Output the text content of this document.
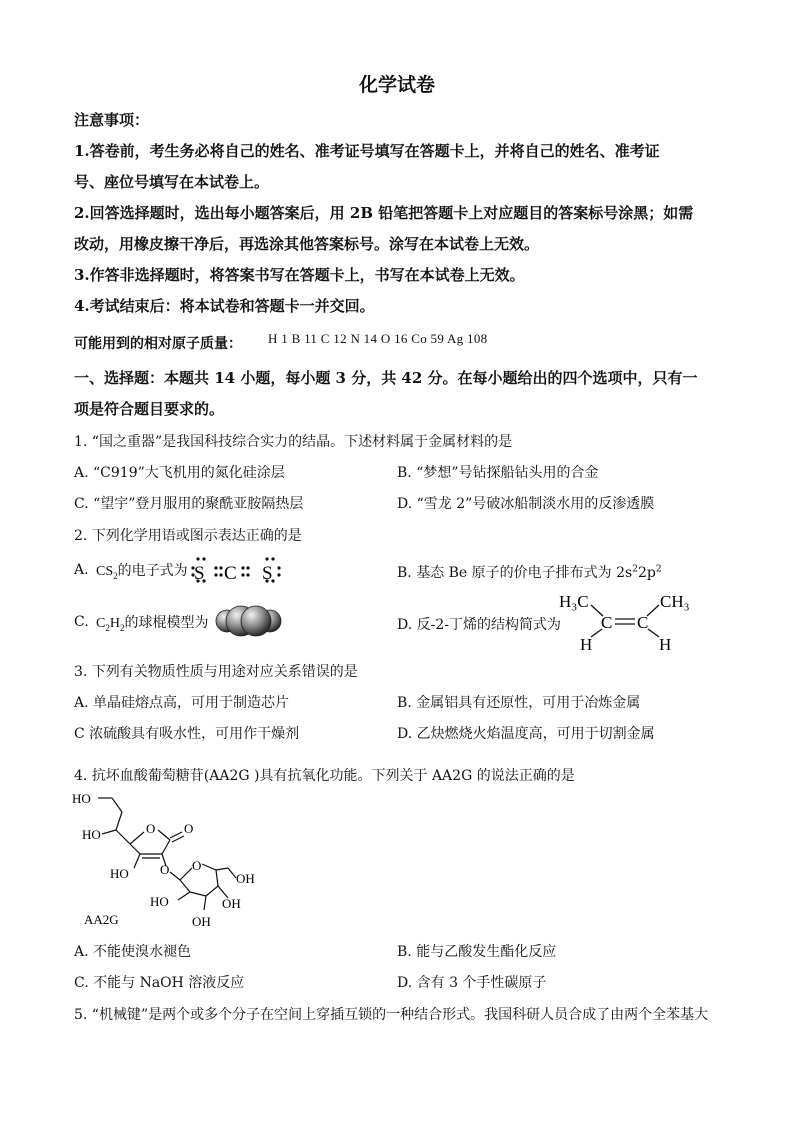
化学试卷
注意事项：
1.答卷前，考生务必将自己的姓名、准考证号填写在答题卡上，并将自己的姓名、准考证
号、座位号填写在本试卷上。
2.回答选择题时，选出每小题答案后，用 2B 铅笔把答题卡上对应题目的答案标号涂黑；如需
改动，用橡皮擦干净后，再选涂其他答案标号。涂写在本试卷上无效。
3.作答非选择题时，将答案书写在答题卡上，书写在本试卷上无效。
4.考试结束后：将本试卷和答题卡一并交回。
可能用到的相对原子质量： H 1 B 11 C 12 N 14 O 16 Co 59 Ag 108
一、选择题：本题共 14 小题，每小题 3 分，共 42 分。在每小题给出的四个选项中，只有一
项是符合题目要求的。
1. “国之重器”是我国科技综合实力的结晶。下述材料属于金属材料的是
A. “C919”大飞机用的氮化硅涂层	B. “梦想”号钻探船钻头用的合金
C. “望宇”登月服用的聚酰亚胺隔热层	D. “雪龙 2”号破冰船制淡水用的反渗透膜
2. 下列化学用语或图示表达正确的是
A. $CS_2$的电子式为 S C S	B. 基态 Be 原子的价电子排布式为 $2s^22p^2$
C. $C_2H_2$的球棍模型为	D. 反-2-丁烯的结构简式为
H₃C	CH₃
C C
H	H
3. 下列有关物质性质与用途对应关系错误的是
A. 单晶硅熔点高，可用于制造芯片	B. 金属铝具有还原性，可用于冶炼金属
C 浓硫酸具有吸水性，可用作干燥剂	D. 乙炔燃烧火焰温度高，可用于切割金属
4. 抗坏血酸葡萄糖苷(AA2G )具有抗氧化功能。下列关于 AA2G 的说法正确的是
HO
HO	O O
HO O O
OH
HO
OH
OH
AA2G
A. 不能使溴水褪色	B. 能与乙酸发生酯化反应
C. 不能与 NaOH 溶液反应	D. 含有 3 个手性碳原子
5. “机械键”是两个或多个分子在空间上穿插互锁的一种结合形式。我国科研人员合成了由两个全苯基大
